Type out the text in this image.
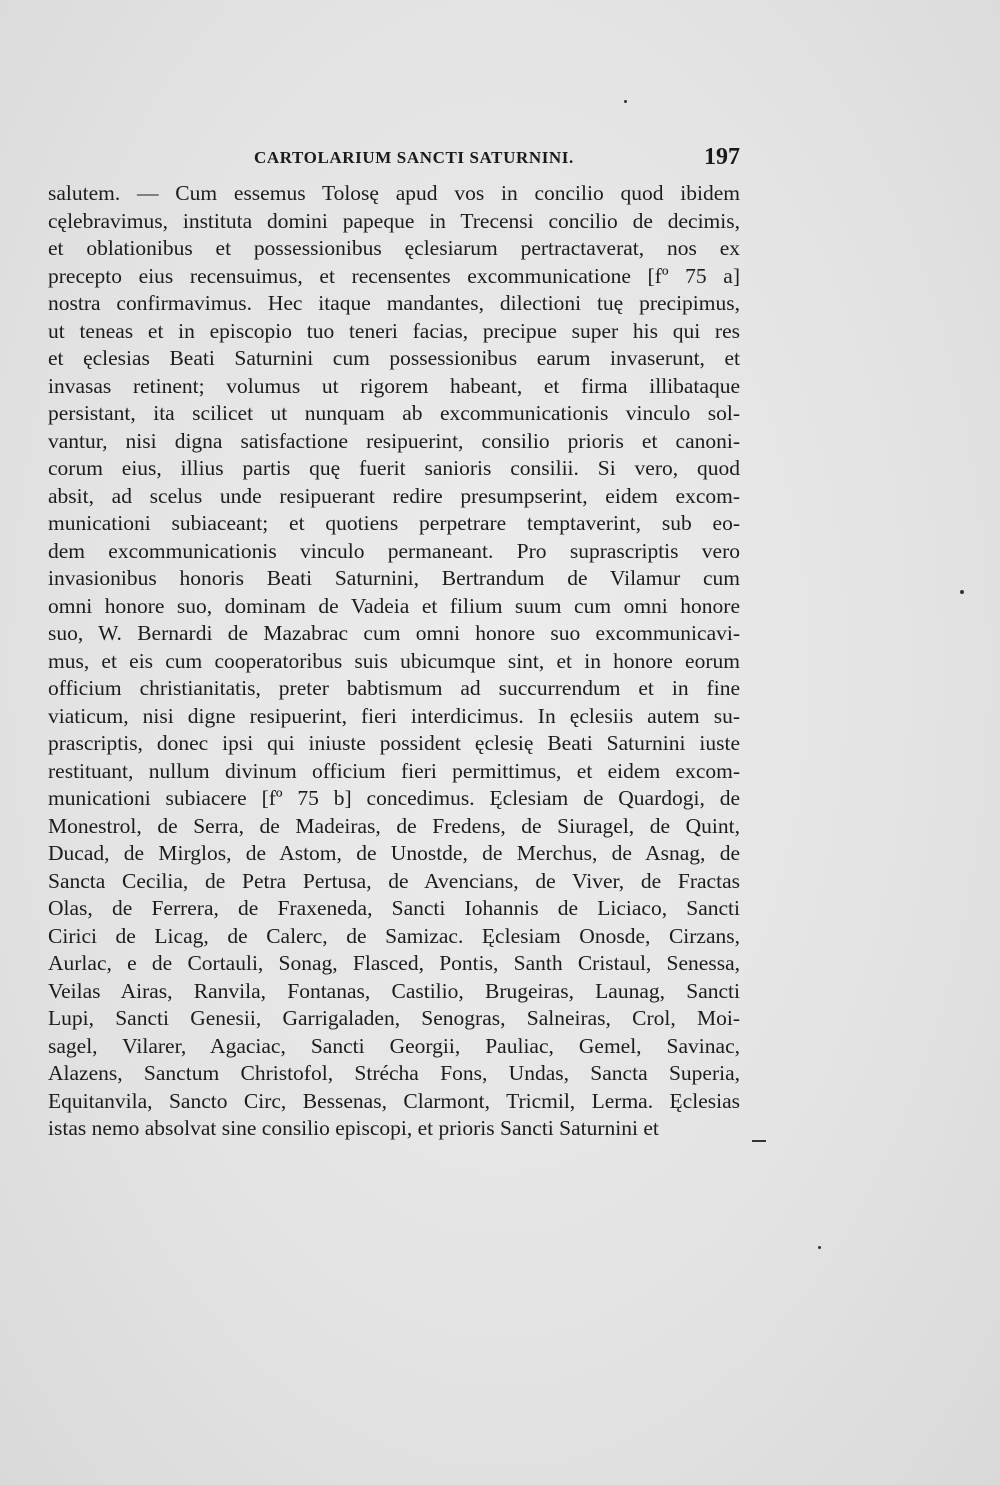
CARTOLARIUM SANCTI SATURNINI.	197
salutem. — Cum essemus Tolosę apud vos in concilio quod ibidem
cęlebravimus, instituta domini papeque in Trecensi concilio de decimis,
et oblationibus et possessionibus ęclesiarum pertractaverat, nos ex
precepto eius recensuimus, et recensentes excommunicatione [fº 75 a]
nostra confirmavimus. Hec itaque mandantes, dilectioni tuę precipimus,
ut teneas et in episcopio tuo teneri facias, precipue super his qui res
et ęclesias Beati Saturnini cum possessionibus earum invaserunt, et
invasas retinent; volumus ut rigorem habeant, et firma illibataque
persistant, ita scilicet ut nunquam ab excommunicationis vinculo sol-
vantur, nisi digna satisfactione resipuerint, consilio prioris et canoni-
corum eius, illius partis quę fuerit sanioris consilii. Si vero, quod
absit, ad scelus unde resipuerant redire presumpserint, eidem excom-
municationi subiaceant; et quotiens perpetrare temptaverint, sub eo-
dem excommunicationis vinculo permaneant. Pro suprascriptis vero
invasionibus honoris Beati Saturnini, Bertrandum de Vilamur cum
omni honore suo, dominam de Vadeia et filium suum cum omni honore
suo, W. Bernardi de Mazabrac cum omni honore suo excommunicavi-
mus, et eis cum cooperatoribus suis ubicumque sint, et in honore eorum
officium christianitatis, preter babtismum ad succurrendum et in fine
viaticum, nisi digne resipuerint, fieri interdicimus. In ęclesiis autem su-
prascriptis, donec ipsi qui iniuste possident ęclesię Beati Saturnini iuste
restituant, nullum divinum officium fieri permittimus, et eidem excom-
municationi subiacere [fº 75 b] concedimus. Ęclesiam de Quardogi, de
Monestrol, de Serra, de Madeiras, de Fredens, de Siuragel, de Quint,
Ducad, de Mirglos, de Astom, de Unostde, de Merchus, de Asnag, de
Sancta Cecilia, de Petra Pertusa, de Avencians, de Viver, de Fractas
Olas, de Ferrera, de Fraxeneda, Sancti Iohannis de Liciaco, Sancti
Cirici de Licag, de Calerc, de Samizac. Ęclesiam Onosde, Cirzans,
Aurlac, e de Cortauli, Sonag, Flasced, Pontis, Santh Cristaul, Senessa,
Veilas Airas, Ranvila, Fontanas, Castilio, Brugeiras, Launag, Sancti
Lupi, Sancti Genesii, Garrigaladen, Senogras, Salneiras, Crol, Moi-
sagel, Vilarer, Agaciac, Sancti Georgii, Pauliac, Gemel, Savinac,
Alazens, Sanctum Christofol, Strécha Fons, Undas, Sancta Superia,
Equitanvila, Sancto Circ, Bessenas, Clarmont, Tricmil, Lerma. Ęclesias
istas nemo absolvat sine consilio episcopi, et prioris Sancti Saturnini et
